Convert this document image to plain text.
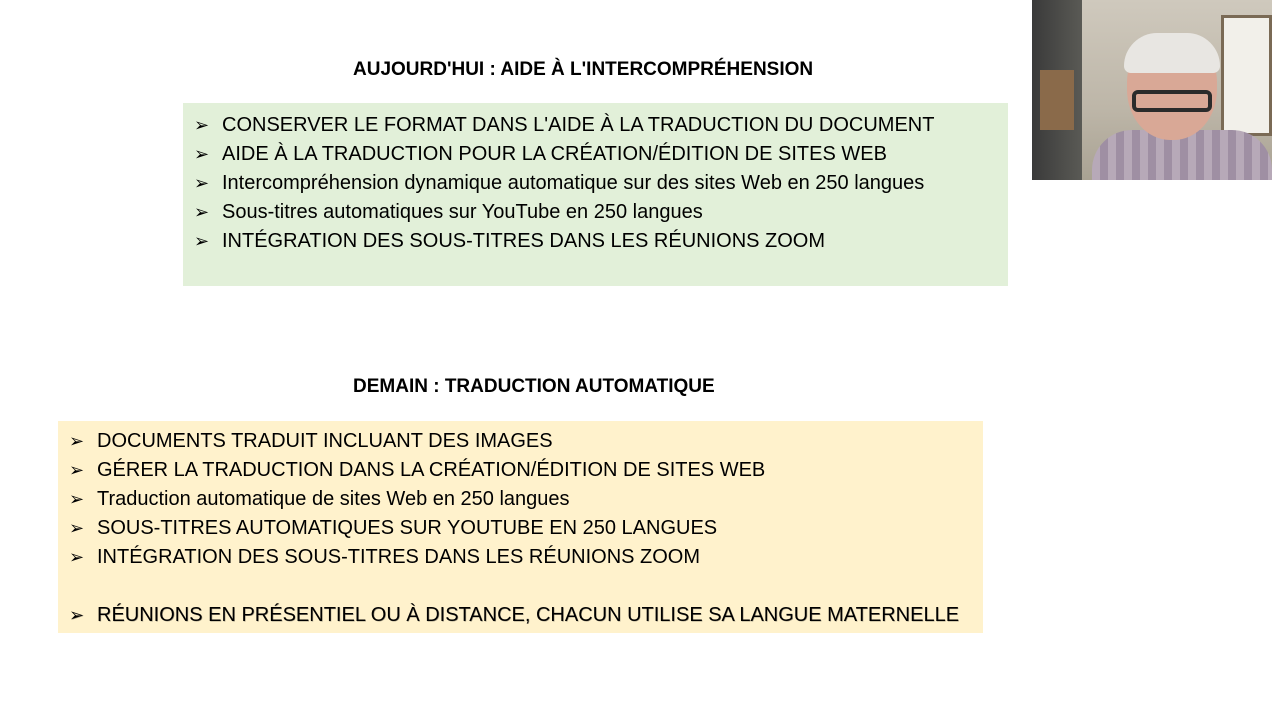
AUJOURD'HUI : AIDE À L'INTERCOMPRÉHENSION
➢ CONSERVER LE FORMAT DANS L'AIDE À LA TRADUCTION DU DOCUMENT
➢ AIDE À LA TRADUCTION POUR LA CRÉATION/ÉDITION DE SITES WEB
➢ Intercompréhension dynamique automatique sur des sites Web en 250 langues
➢ Sous-titres automatiques sur YouTube en 250 langues
➢ INTÉGRATION DES SOUS-TITRES DANS LES RÉUNIONS ZOOM
DEMAIN : TRADUCTION AUTOMATIQUE
➢ DOCUMENTS TRADUIT INCLUANT DES IMAGES
➢ GÉRER LA TRADUCTION DANS LA CRÉATION/ÉDITION DE SITES WEB
➢ Traduction automatique de sites Web en 250 langues
➢ SOUS-TITRES AUTOMATIQUES SUR YOUTUBE EN 250 LANGUES
➢ INTÉGRATION DES SOUS-TITRES DANS LES RÉUNIONS ZOOM
➢ RÉUNIONS EN PRÉSENTIEL OU À DISTANCE, CHACUN UTILISE SA LANGUE MATERNELLE
